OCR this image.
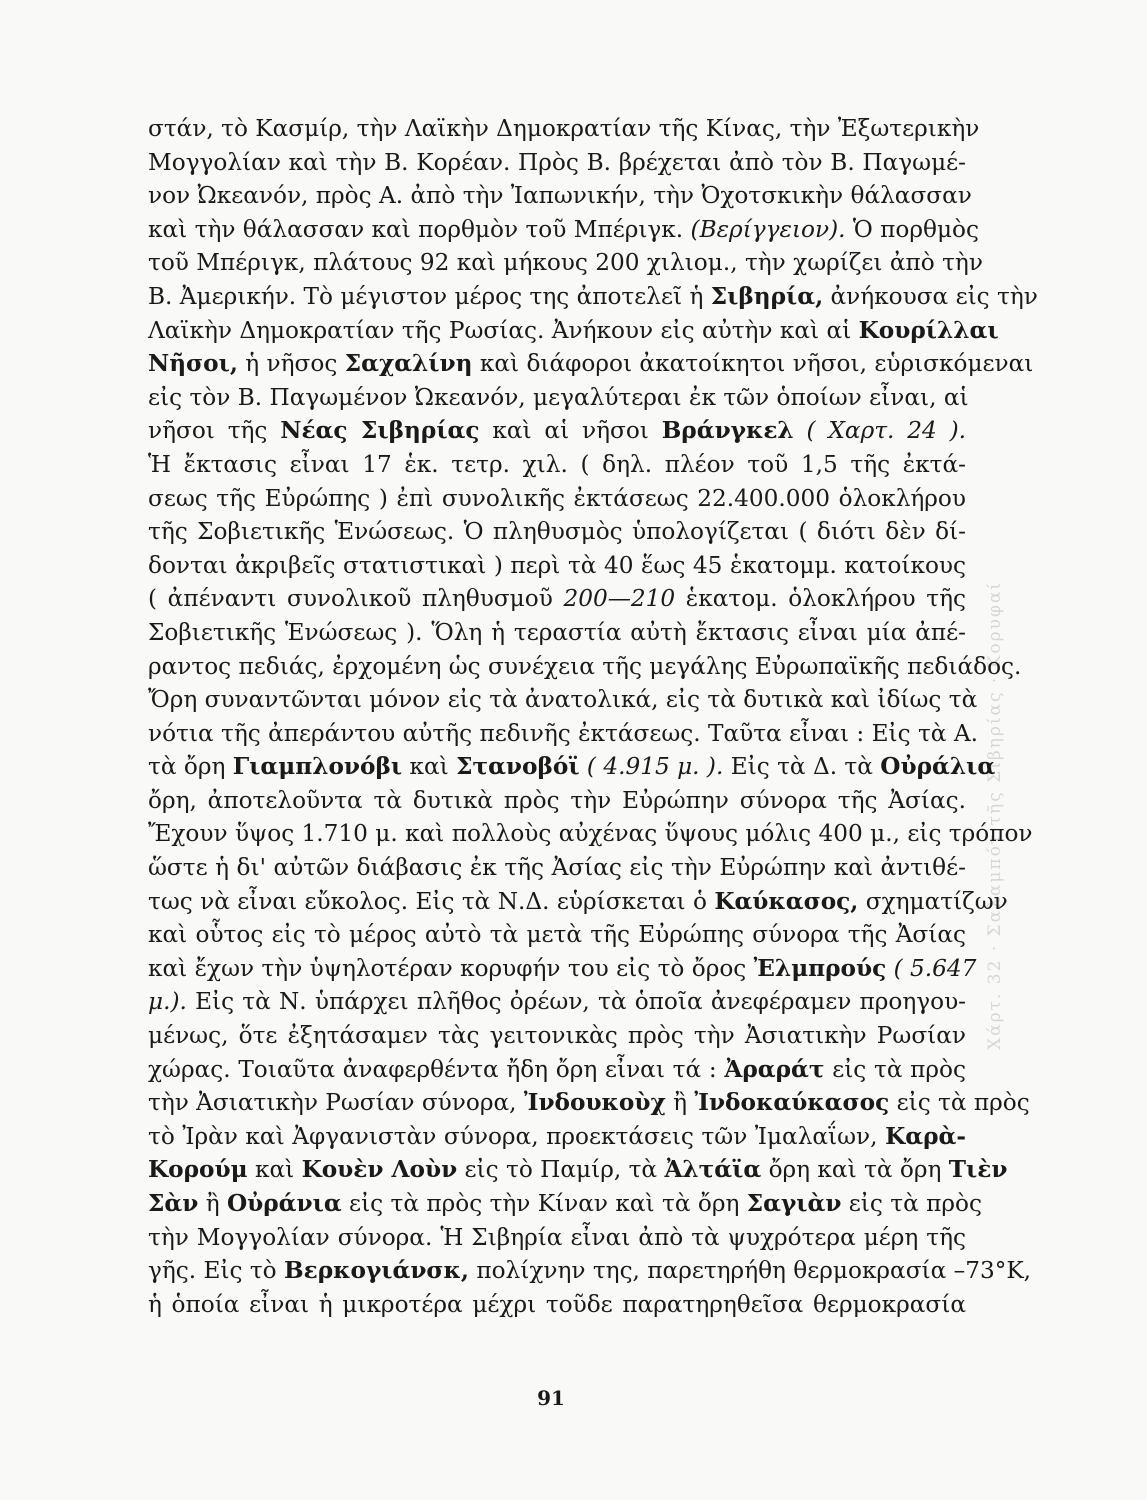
Χάρτ. 32 · Σαλαμπότ τῆς Σιβηρίας · Κορυφαί
στάν, τὸ Κασμίρ, τὴν Λαϊκὴν Δημοκρατίαν τῆς Κίνας, τὴν Ἐξωτερικὴν
Μογγολίαν καὶ τὴν Β. Κορέαν. Πρὸς Β. βρέχεται ἀπὸ τὸν Β. Παγωμέ-
νον Ὠκεανόν, πρὸς Α. ἀπὸ τὴν Ἰαπωνικήν, τὴν Ὀχοτσκικὴν θάλασσαν
καὶ τὴν θάλασσαν καὶ πορθμὸν τοῦ Μπέριγκ. (Βερίγγειον). Ὁ πορθμὸς
τοῦ Μπέριγκ, πλάτους 92 καὶ μήκους 200 χιλιομ., τὴν χωρίζει ἀπὸ τὴν
Β. Ἀμερικήν. Τὸ μέγιστον μέρος της ἀποτελεῖ ἡ Σιβηρία, ἀνήκουσα εἰς τὴν
Λαϊκὴν Δημοκρατίαν τῆς Ρωσίας. Ἀνήκουν εἰς αὐτὴν καὶ αἱ Κουρίλλαι
Νῆσοι, ἡ νῆσος Σαχαλίνη καὶ διάφοροι ἀκατοίκητοι νῆσοι, εὑρισκόμεναι
εἰς τὸν Β. Παγωμένον Ὠκεανόν, μεγαλύτεραι ἐκ τῶν ὁποίων εἶναι, αἱ
νῆσοι τῆς Νέας Σιβηρίας καὶ αἱ νῆσοι Βράνγκελ ( Χαρτ. 24 ).
Ἡ ἔκτασις εἶναι 17 ἑκ. τετρ. χιλ. ( δηλ. πλέον τοῦ 1,5 τῆς ἐκτά-
σεως τῆς Εὐρώπης ) ἐπὶ συνολικῆς ἐκτάσεως 22.400.000 ὁλοκλήρου
τῆς Σοβιετικῆς Ἑνώσεως. Ὁ πληθυσμὸς ὑπολογίζεται ( διότι δὲν δί-
δονται ἀκριβεῖς στατιστικαὶ ) περὶ τὰ 40 ἕως 45 ἑκατομμ. κατοίκους
( ἀπέναντι συνολικοῦ πληθυσμοῦ 200—210 ἑκατομ. ὁλοκλήρου τῆς
Σοβιετικῆς Ἑνώσεως ). Ὅλη ἡ τεραστία αὐτὴ ἔκτασις εἶναι μία ἀπέ-
ραντος πεδιάς, ἐρχομένη ὡς συνέχεια τῆς μεγάλης Εὐρωπαϊκῆς πεδιάδος.
Ὄρη συναντῶνται μόνον εἰς τὰ ἀνατολικά, εἰς τὰ δυτικὰ καὶ ἰδίως τὰ
νότια τῆς ἀπεράντου αὐτῆς πεδινῆς ἐκτάσεως. Ταῦτα εἶναι : Εἰς τὰ Α.
τὰ ὄρη Γιαμπλονόβι καὶ Στανοβόϊ ( 4.915 μ. ). Εἰς τὰ Δ. τὰ Οὐράλια
ὄρη, ἀποτελοῦντα τὰ δυτικὰ πρὸς τὴν Εὐρώπην σύνορα τῆς Ἀσίας.
Ἔχουν ὕψος 1.710 μ. καὶ πολλοὺς αὐχένας ὕψους μόλις 400 μ., εἰς τρόπον
ὥστε ἡ δι' αὐτῶν διάβασις ἐκ τῆς Ἀσίας εἰς τὴν Εὐρώπην καὶ ἀντιθέ-
τως νὰ εἶναι εὔκολος. Εἰς τὰ Ν.Δ. εὑρίσκεται ὁ Καύκασος, σχηματίζων
καὶ οὗτος εἰς τὸ μέρος αὐτὸ τὰ μετὰ τῆς Εὐρώπης σύνορα τῆς Ἀσίας
καὶ ἔχων τὴν ὑψηλοτέραν κορυφήν του εἰς τὸ ὄρος Ἐλμπρούς ( 5.647
μ.). Εἰς τὰ Ν. ὑπάρχει πλῆθος ὀρέων, τὰ ὁποῖα ἀνεφέραμεν προηγου-
μένως, ὅτε ἐξητάσαμεν τὰς γειτονικὰς πρὸς τὴν Ἀσιατικὴν Ρωσίαν
χώρας. Τοιαῦτα ἀναφερθέντα ἤδη ὄρη εἶναι τά : Ἀραράτ εἰς τὰ πρὸς
τὴν Ἀσιατικὴν Ρωσίαν σύνορα, Ἰνδουκοὺχ ἢ Ἰνδοκαύκασος εἰς τὰ πρὸς
τὸ Ἰρὰν καὶ Ἀφγανιστὰν σύνορα, προεκτάσεις τῶν Ἰμαλαΐων, Καρὰ-
Κορούμ καὶ Κουὲν Λοὺν εἰς τὸ Παμίρ, τὰ Ἀλτάϊα ὄρη καὶ τὰ ὄρη Τιὲν
Σὰν ἢ Οὐράνια εἰς τὰ πρὸς τὴν Κίναν καὶ τὰ ὄρη Σαγιὰν εἰς τὰ πρὸς
τὴν Μογγολίαν σύνορα. Ἡ Σιβηρία εἶναι ἀπὸ τὰ ψυχρότερα μέρη τῆς
γῆς. Εἰς τὸ Βερκογιάνσκ, πολίχνην της, παρετηρήθη θερμοκρασία –73°Κ,
ἡ ὁποία εἶναι ἡ μικροτέρα μέχρι τοῦδε παρατηρηθεῖσα θερμοκρασία
91
